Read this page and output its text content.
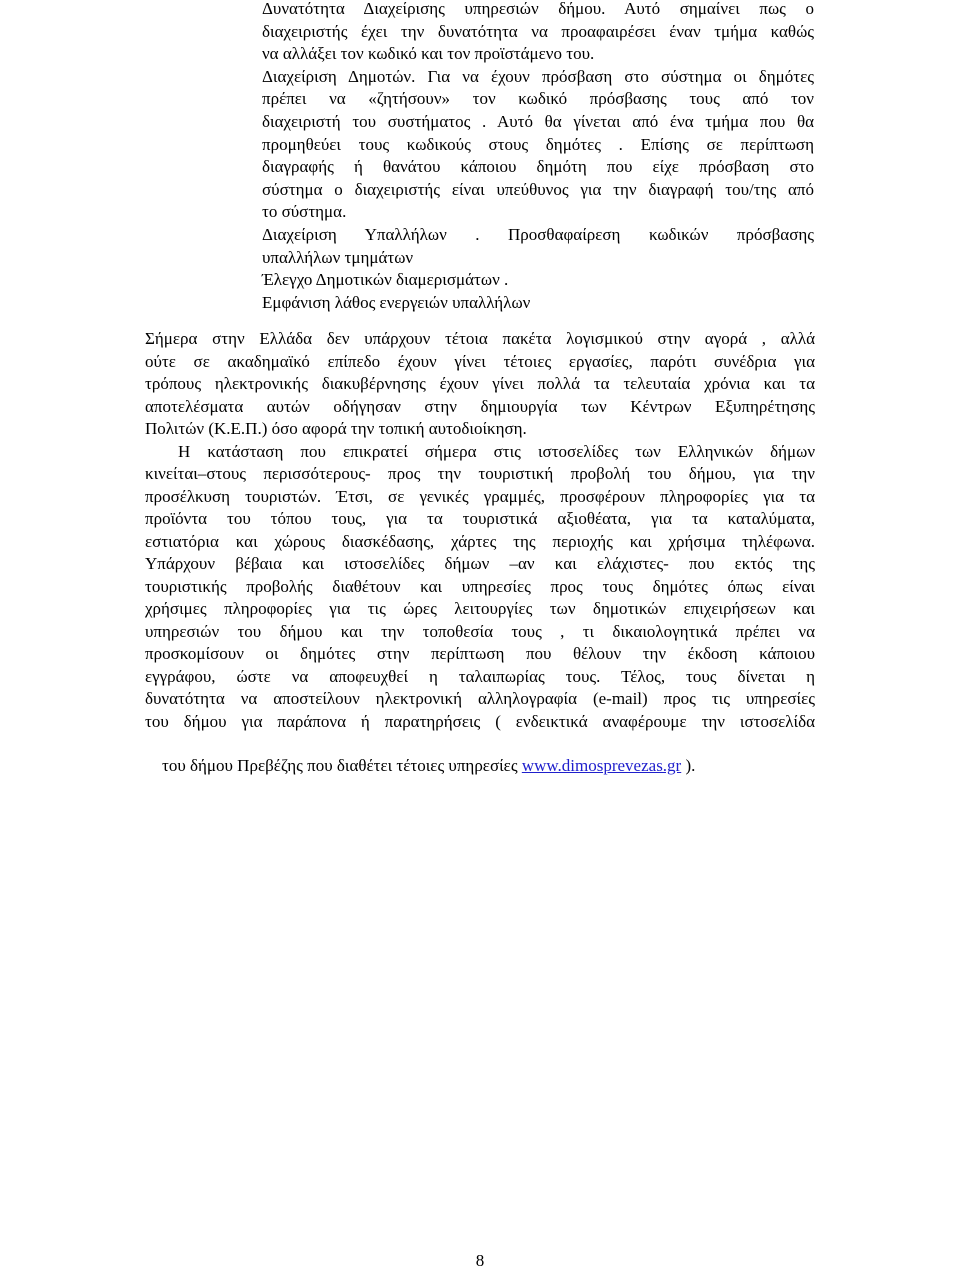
Δυνατότητα Διαχείρισης υπηρεσιών δήμου. Αυτό σημαίνει πως ο
διαχειριστής έχει την δυνατότητα να προαφαιρέσει έναν τμήμα καθώς
να αλλάξει τον κωδικό και τον προϊστάμενο του.
Διαχείριση Δημοτών. Για να έχουν πρόσβαση στο σύστημα οι δημότες
πρέπει να «ζητήσουν» τον κωδικό πρόσβασης τους από τον
διαχειριστή του συστήματος . Αυτό θα γίνεται από ένα τμήμα που θα
προμηθεύει τους κωδικούς στους δημότες . Επίσης σε περίπτωση
διαγραφής ή θανάτου κάποιου δημότη που είχε πρόσβαση στο
σύστημα ο διαχειριστής είναι υπεύθυνος για την διαγραφή του/της από
το σύστημα.
Διαχείριση Υπαλλήλων . Προσθαφαίρεση κωδικών πρόσβασης
υπαλλήλων τμημάτων
Έλεγχο Δημοτικών διαμερισμάτων .
Εμφάνιση λάθος ενεργειών υπαλλήλων
Σήμερα στην Ελλάδα δεν υπάρχουν τέτοια πακέτα λογισμικού στην αγορά , αλλά
ούτε σε ακαδημαϊκό επίπεδο έχουν γίνει τέτοιες εργασίες, παρότι συνέδρια για
τρόπους ηλεκτρονικής διακυβέρνησης έχουν γίνει πολλά τα τελευταία χρόνια και τα
αποτελέσματα αυτών οδήγησαν στην δημιουργία των Κέντρων Εξυπηρέτησης
Πολιτών (Κ.Ε.Π.) όσο αφορά την τοπική αυτοδιοίκηση.
Η κατάσταση που επικρατεί σήμερα στις ιστοσελίδες των Ελληνικών δήμων
κινείται–στους περισσότερους- προς την τουριστική προβολή του δήμου, για την
προσέλκυση τουριστών. Έτσι, σε γενικές γραμμές, προσφέρουν πληροφορίες για τα
προϊόντα του τόπου τους, για τα τουριστικά αξιοθέατα, για τα καταλύματα,
εστιατόρια και χώρους διασκέδασης, χάρτες της περιοχής και χρήσιμα τηλέφωνα.
Υπάρχουν βέβαια και ιστοσελίδες δήμων –αν και ελάχιστες- που εκτός της
τουριστικής προβολής διαθέτουν και υπηρεσίες προς τους δημότες όπως είναι
χρήσιμες πληροφορίες για τις ώρες λειτουργίες των δημοτικών επιχειρήσεων και
υπηρεσιών του δήμου και την τοποθεσία τους , τι δικαιολογητικά πρέπει να
προσκομίσουν οι δημότες στην περίπτωση που θέλουν την έκδοση κάποιου
εγγράφου, ώστε να αποφευχθεί η ταλαιπωρίας τους. Τέλος, τους δίνεται η
δυνατότητα να αποστείλουν ηλεκτρονική αλληλογραφία (e-mail) προς τις υπηρεσίες
του δήμου για παράπονα ή παρατηρήσεις ( ενδεικτικά αναφέρουμε την ιστοσελίδα

του δήμου Πρεβέζης που διαθέτει τέτοιες υπηρεσίες www.dimosprevezas.gr ).

8
